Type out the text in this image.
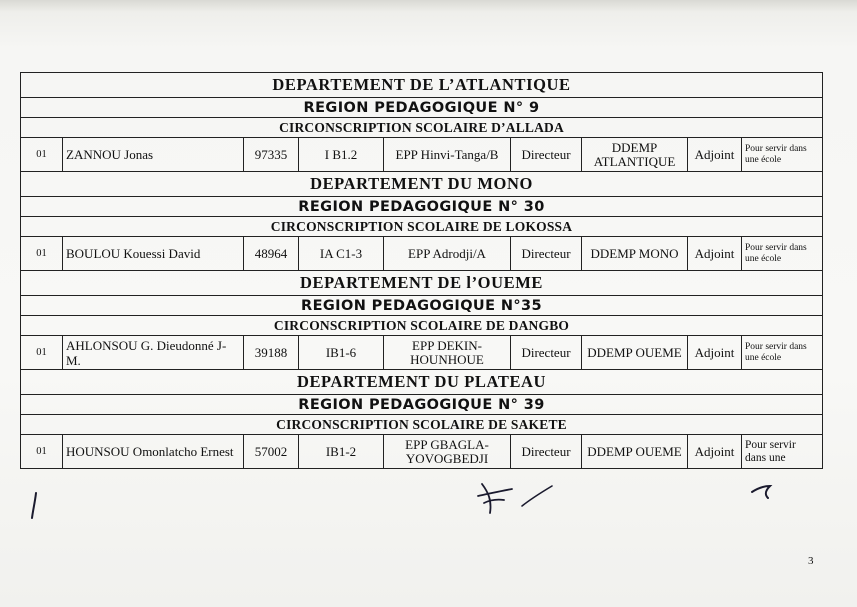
DEPARTEMENT DE L’ATLANTIQUE								
REGION PEDAGOGIQUE N° 9								
CIRCONSCRIPTION SCOLAIRE D’ALLADA								
01	ZANNOU Jonas	97335	I B1.2	EPP Hinvi-Tanga/B	Directeur	DDEMP ATLANTIQUE	Adjoint	Pour servir dans une école
DEPARTEMENT DU MONO								
REGION PEDAGOGIQUE N° 30								
CIRCONSCRIPTION SCOLAIRE DE LOKOSSA								
01	BOULOU Kouessi David	48964	IA C1-3	EPP Adrodji/A	Directeur	DDEMP MONO	Adjoint	Pour servir dans une école
DEPARTEMENT DE l’OUEME								
REGION PEDAGOGIQUE N°35								
CIRCONSCRIPTION SCOLAIRE DE DANGBO								
01	AHLONSOU G. Dieudonné J-M.	39188	IB1-6	EPP DEKIN-HOUNHOUE	Directeur	DDEMP OUEME	Adjoint	Pour servir dans une école
DEPARTEMENT DU PLATEAU								
REGION PEDAGOGIQUE N° 39								
CIRCONSCRIPTION SCOLAIRE DE SAKETE								
01	HOUNSOU Omonlatcho Ernest	57002	IB1-2	EPP GBAGLA-YOVOGBEDJI	Directeur	DDEMP OUEME	Adjoint	Pour servir dans une
3
